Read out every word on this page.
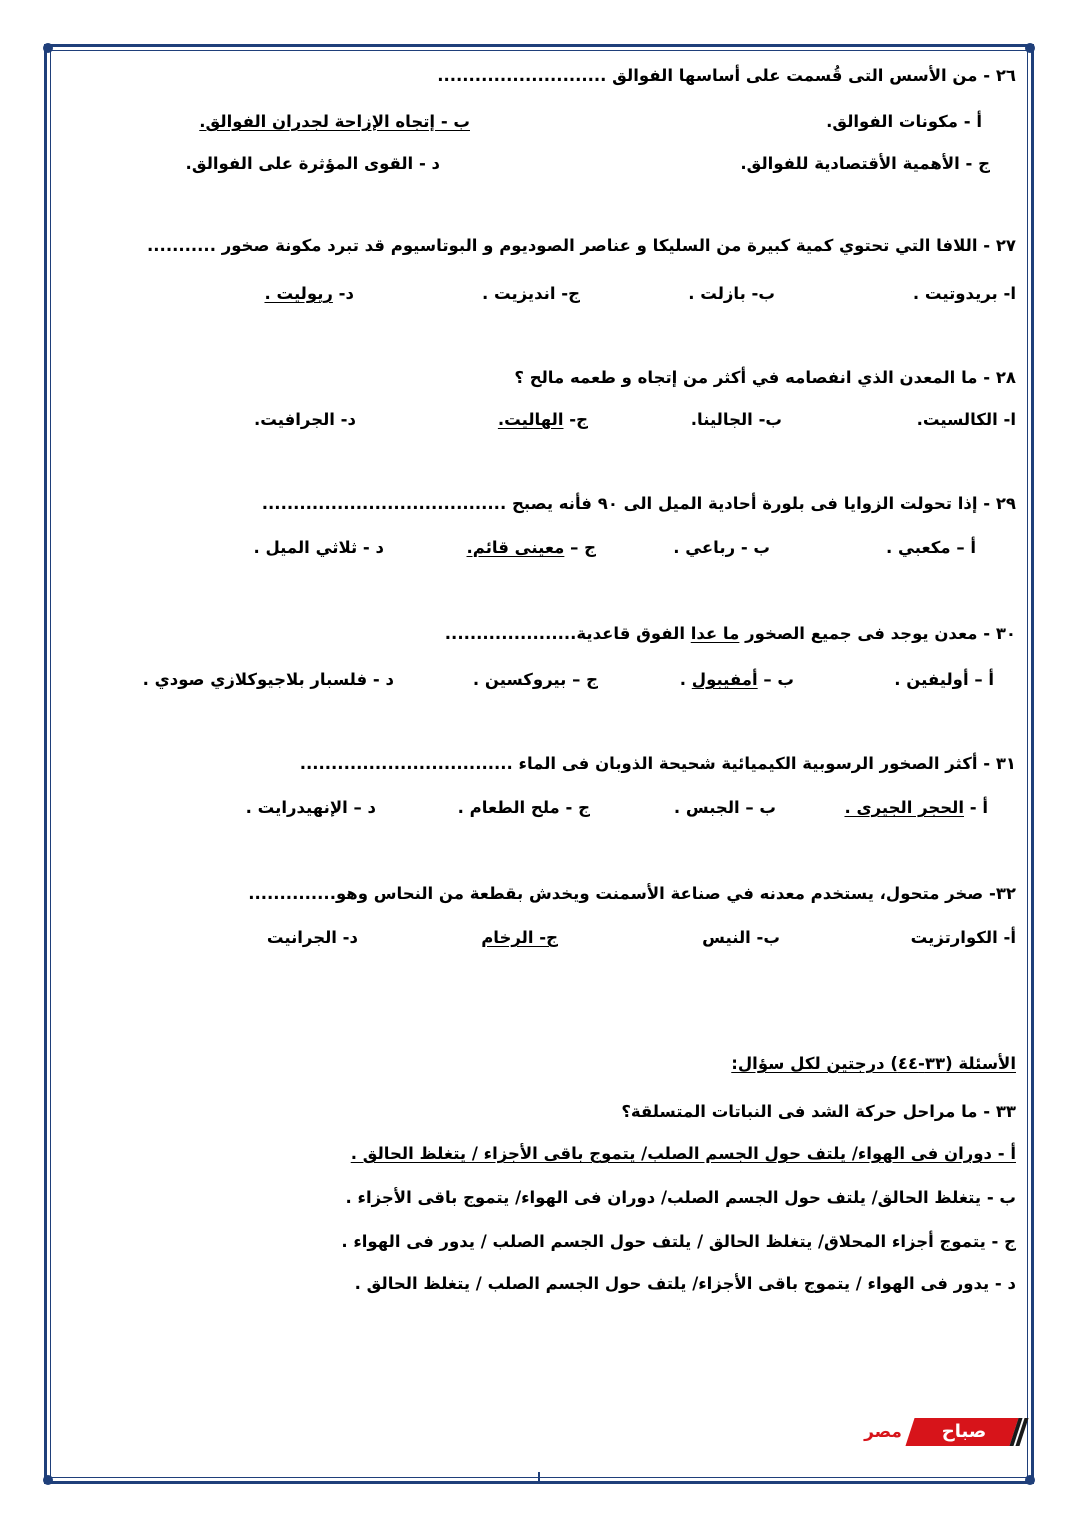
٢٦ - من الأسس التى قُسمت على أساسها الفوالق ...........................
أ - مكونات الفوالق.
ب - إتجاه الإزاحة لجدران الفوالق.
ج - الأهمية الأقتصادية للفوالق.
د - القوى المؤثرة على الفوالق.
٢٧ - اللافا التي تحتوي كمية كبيرة من السليكا و عناصر الصوديوم و البوتاسيوم قد تبرد مكونة صخور ...........
ا- بريدوتيت .
ب- بازلت .
ج- انديزيت .
د- ريوليت .
٢٨ - ما المعدن الذي انفصامه في أكثر من إتجاه و طعمه مالح ؟
ا- الكالسيت.
ب- الجالينا.
ج- الهاليت.
د- الجرافيت.
٢٩ - إذا تحولت الزوايا فى بلورة أحادية الميل الى ٩٠ فأنه يصبح .......................................
أ – مكعبي .
ب - رباعي .
ج – معينى قائم.
د - ثلاثي الميل .
٣٠ - معدن يوجد فى جميع الصخور ما عدا الفوق قاعدية.....................
أ – أوليفين .
ب – أمفيبول .
ج – بيروكسين .
د - فلسبار بلاجيوكلازي صودي .
٣١ - أكثر الصخور الرسوبية الكيميائية شحيحة الذوبان فى الماء ..................................
أ - الحجر الجيرى .
ب – الجبس .
ج - ملح الطعام .
د – الإنهيدرايت .
٣٢- صخر متحول، يستخدم معدنه في صناعة الأسمنت ويخدش بقطعة من النحاس وهو..............
أ- الكوارتزيت
ب- النيس
ج- الرخام
د- الجرانيت
الأسئلة (٣٣-٤٤) درجتين لكل سؤال:
٣٣ - ما مراحل حركة الشد فى النباتات المتسلقة؟
أ - دوران فى الهواء/ يلتف حول الجسم الصلب/ يتموج باقى الأجزاء / يتغلظ الحالق .
ب - يتغلظ الحالق/ يلتف حول الجسم الصلب/ دوران فى الهواء/ يتموج باقى الأجزاء .
ج - يتموج أجزاء المحلاق/ يتغلظ الحالق / يلتف حول الجسم الصلب / يدور فى الهواء .
د - يدور فى الهواء / يتموج باقى الأجزاء/ يلتف حول الجسم الصلب / يتغلظ الحالق .
صباح
مصر
